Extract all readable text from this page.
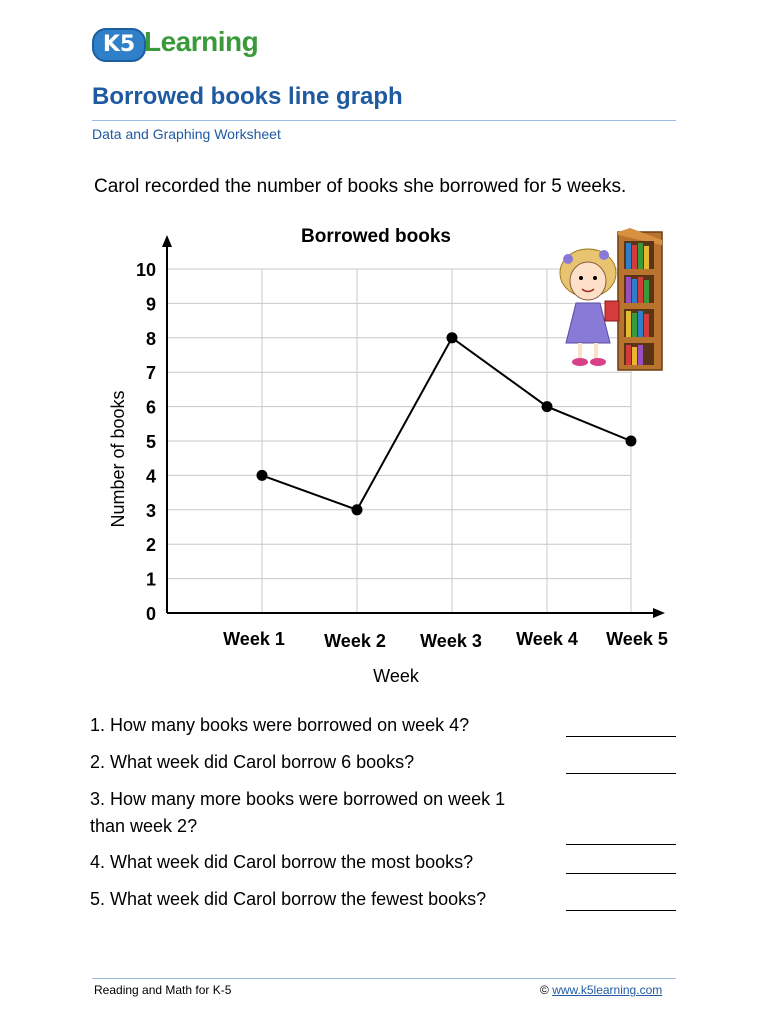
K5 Learning
Borrowed books line graph
Data and Graphing Worksheet
Carol recorded the number of books she borrowed for 5 weeks.
Borrowed books
Week
Number of books
0
1
2
3
4
5
6
7
8
9
10
Week 1 Week 2 Week 3 Week 4 Week 5
1. How many books were borrowed on week 4?
2. What week did Carol borrow 6 books?
3. How many more books were borrowed on week 1
than week 2?
4. What week did Carol borrow the most books?
5. What week did Carol borrow the fewest books?
Reading and Math for K-5	© www.k5learning.com
